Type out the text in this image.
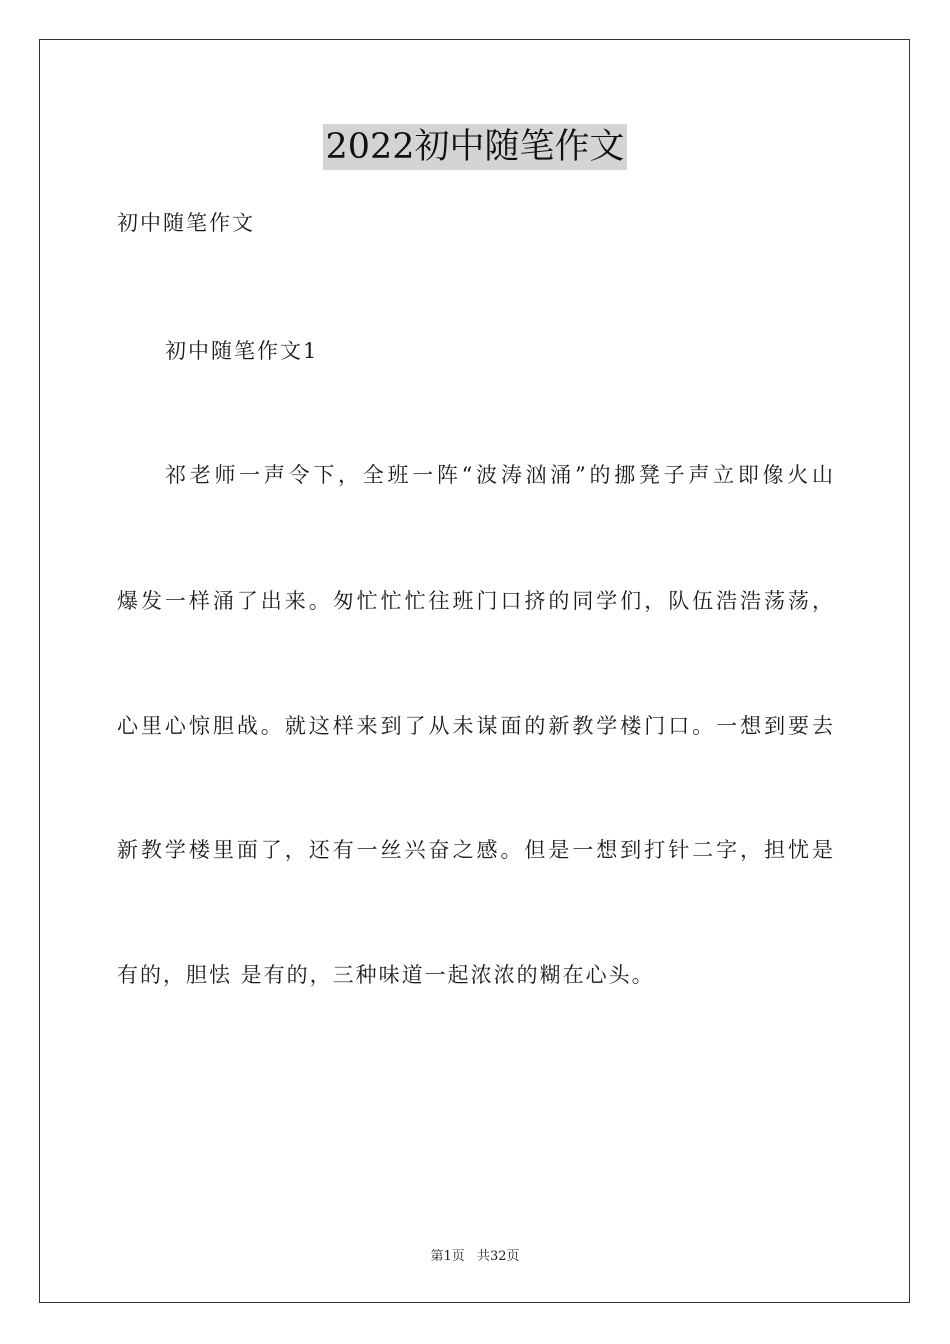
2022初中随笔作文
初中随笔作文
初中随笔作文1
祁老师一声令下，全班一阵“波涛汹涌”的挪凳子声立即像火山
爆发一样涌了出来。匆忙忙忙往班门口挤的同学们，队伍浩浩荡荡，
心里心惊胆战。就这样来到了从未谋面的新教学楼门口。一想到要去
新教学楼里面了，还有一丝兴奋之感。但是一想到打针二字，担忧是
有的，胆怯 是有的，三种味道一起浓浓的糊在心头。
第1页 共32页
